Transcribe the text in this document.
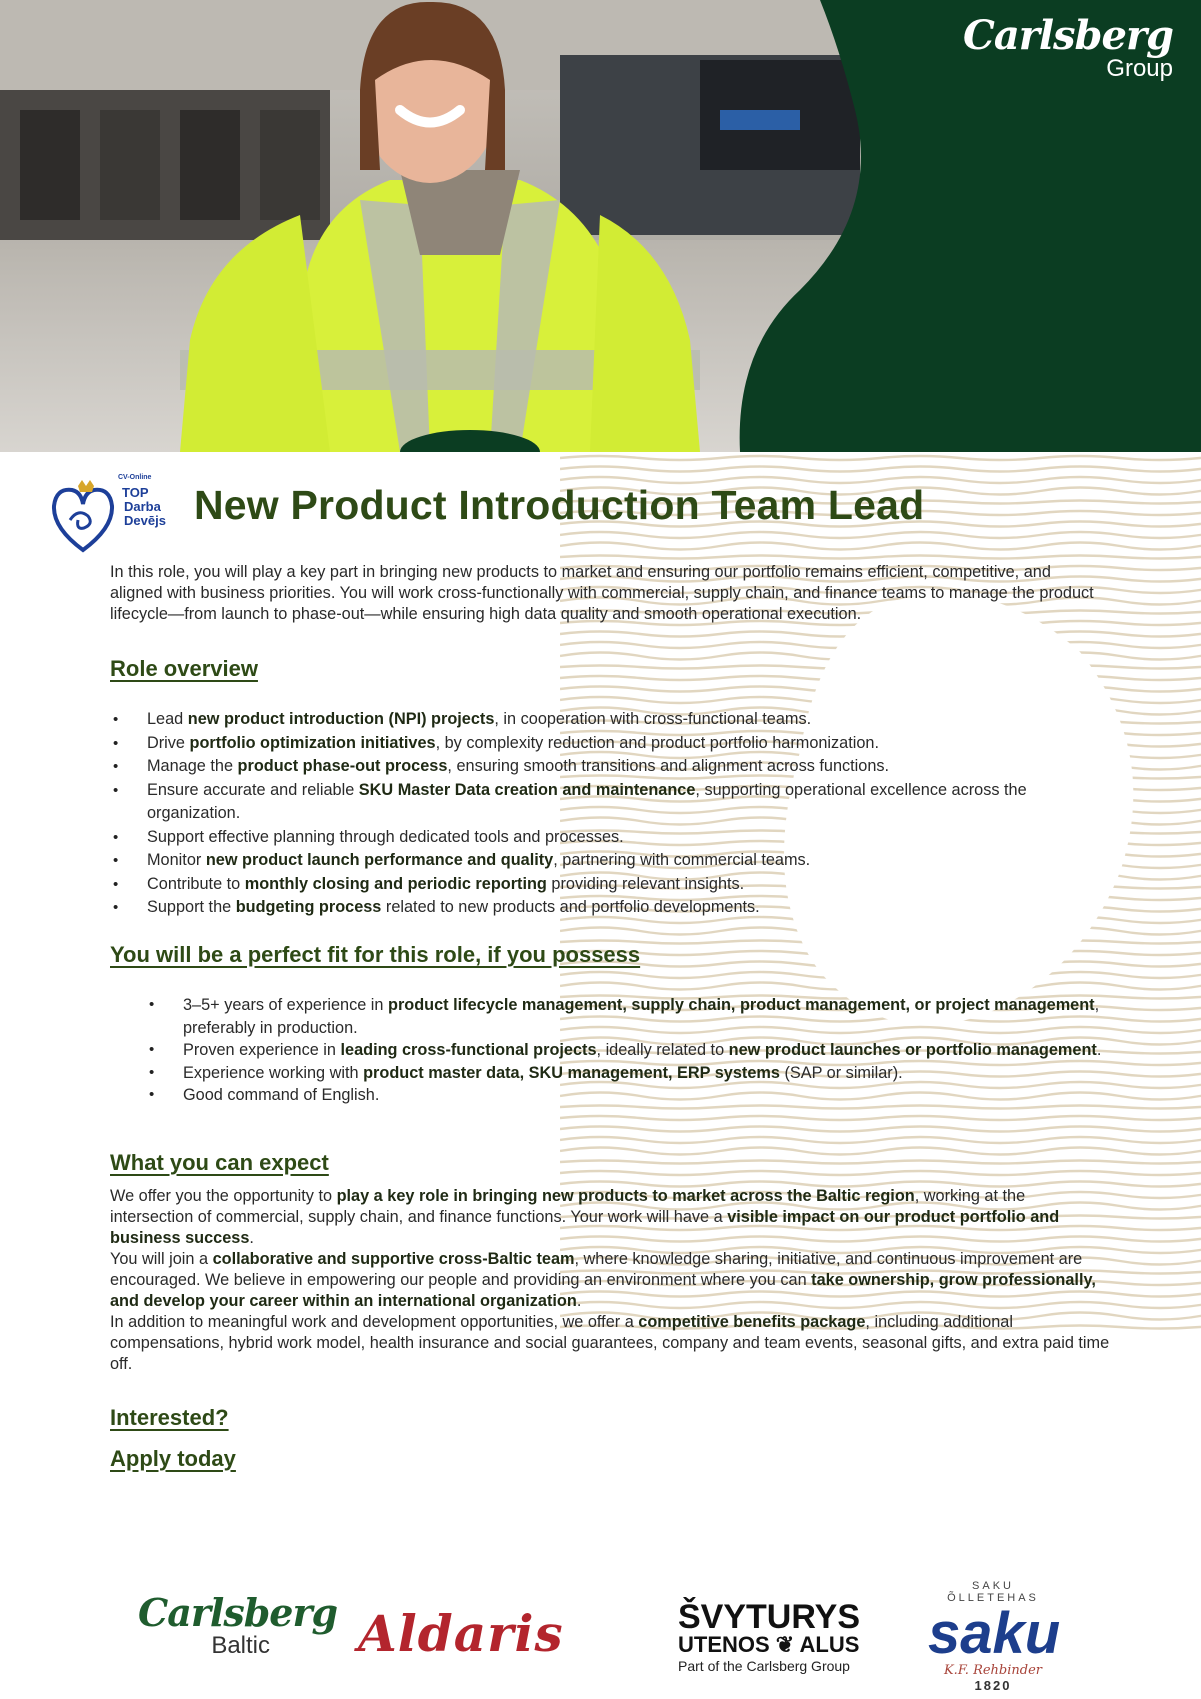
Carlsberg
Group
CV-Online
TOP
Darba
Devējs New Product Introduction Team Lead

In this role, you will play a key part in bringing new products to market and ensuring our portfolio remains efficient, competitive, and aligned with business priorities. You will work cross-functionally with commercial, supply chain, and finance teams to manage the product lifecycle—from launch to phase-out—while ensuring high data quality and smooth operational execution.

Role overview
• Lead new product introduction (NPI) projects, in cooperation with cross-functional teams.
• Drive portfolio optimization initiatives, by complexity reduction and product portfolio harmonization.
• Manage the product phase-out process, ensuring smooth transitions and alignment across functions.
• Ensure accurate and reliable SKU Master Data creation and maintenance, supporting operational excellence across the organization.
• Support effective planning through dedicated tools and processes.
• Monitor new product launch performance and quality, partnering with commercial teams.
• Contribute to monthly closing and periodic reporting providing relevant insights.
• Support the budgeting process related to new products and portfolio developments.
You will be a perfect fit for this role, if you possess
• 3–5+ years of experience in product lifecycle management, supply chain, product management, or project management, preferably in production.
• Proven experience in leading cross-functional projects, ideally related to new product launches or portfolio management.
• Experience working with product master data, SKU management, ERP systems (SAP or similar).
• Good command of English.
What you can expect

We offer you the opportunity to play a key role in bringing new products to market across the Baltic region, working at the intersection of commercial, supply chain, and finance functions. Your work will have a visible impact on our product portfolio and business success.

You will join a collaborative and supportive cross-Baltic team, where knowledge sharing, initiative, and continuous improvement are encouraged. We believe in empowering our people and providing an environment where you can take ownership, grow professionally, and develop your career within an international organization.

In addition to meaningful work and development opportunities, we offer a competitive benefits package, including additional compensations, hybrid work model, health insurance and social guarantees, company and team events, seasonal gifts, and extra paid time off.

Interested?
Apply today
Carlsberg
Baltic Aldaris	ŠVYTURYS
UTENOS ❦ ALUS
Part of the Carlsberg Group
SAKU ÕLLETEHAS
saku
K.F. Rehbinder
1820
